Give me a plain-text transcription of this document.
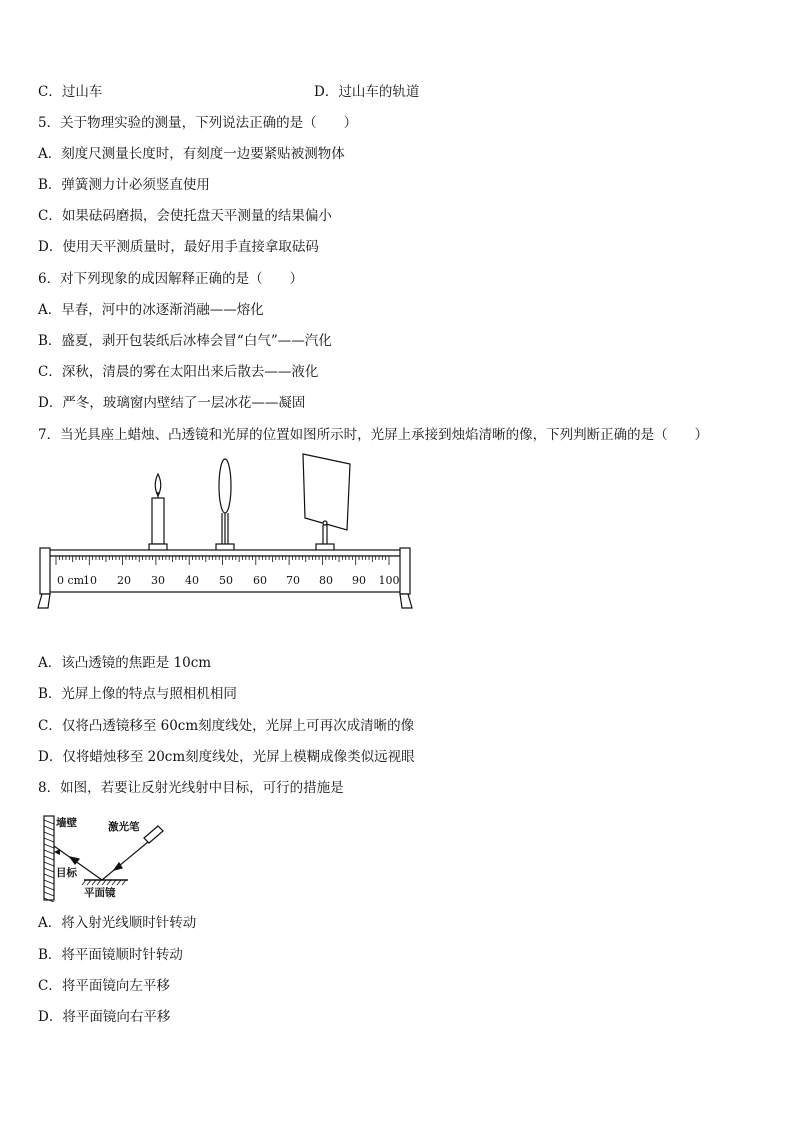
C．过山车	D．过山车的轨道
5．关于物理实验的测量，下列说法正确的是（　　）
A．刻度尺测量长度时，有刻度一边要紧贴被测物体
B．弹簧测力计必须竖直使用
C．如果砝码磨损，会使托盘天平测量的结果偏小
D．使用天平测质量时，最好用手直接拿取砝码
6．对下列现象的成因解释正确的是（　　）
A．早春，河中的冰逐渐消融——熔化
B．盛夏，剥开包装纸后冰棒会冒“白气”——汽化
C．深秋，清晨的雾在太阳出来后散去——液化
D．严冬，玻璃窗内壁结了一层冰花——凝固
7．当光具座上蜡烛、凸透镜和光屏的位置如图所示时，光屏上承接到烛焰清晰的像，下列判断正确的是（　　）
0 cm
10 20 30 40 50 60 70 80 90 100
A．该凸透镜的焦距是 10cm
B．光屏上像的特点与照相机相同
C．仅将凸透镜移至 60cm刻度线处，光屏上可再次成清晰的像
D．仅将蜡烛移至 20cm刻度线处，光屏上模糊成像类似远视眼
8．如图，若要让反射光线射中目标，可行的措施是
墙壁	激光笔
目标
平面镜
A．将入射光线顺时针转动
B．将平面镜顺时针转动
C．将平面镜向左平移
D．将平面镜向右平移
